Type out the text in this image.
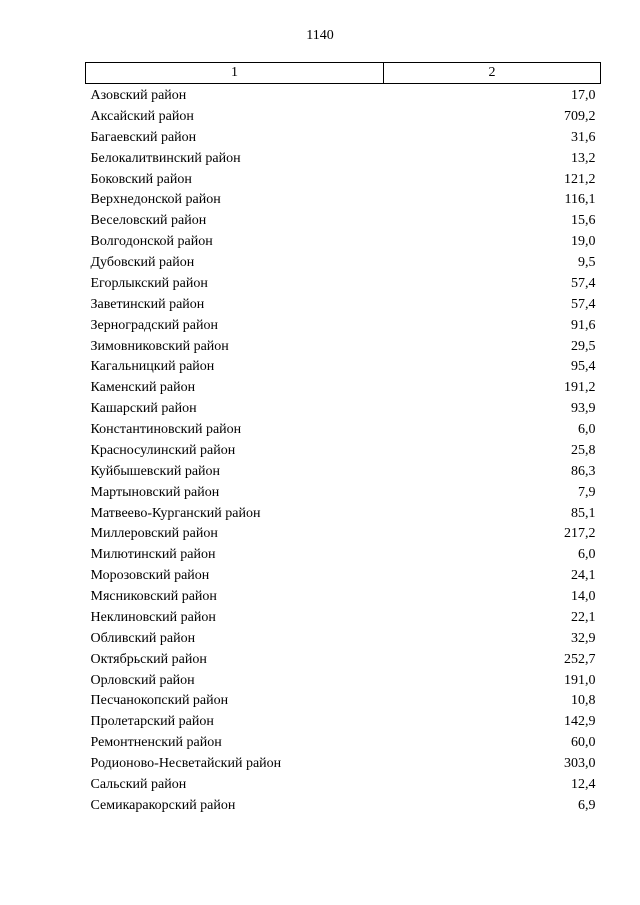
1140
1	2
Азовский район	17,0
Аксайский район	709,2
Багаевский район	31,6
Белокалитвинский район	13,2
Боковский район	121,2
Верхнедонской район	116,1
Веселовский район	15,6
Волгодонской район	19,0
Дубовский район	9,5
Егорлыкский район	57,4
Заветинский район	57,4
Зерноградский район	91,6
Зимовниковский район	29,5
Кагальницкий район	95,4
Каменский район	191,2
Кашарский район	93,9
Константиновский район	6,0
Красносулинский район	25,8
Куйбышевский район	86,3
Мартыновский район	7,9
Матвеево-Курганский район	85,1
Миллеровский район	217,2
Милютинский район	6,0
Морозовский район	24,1
Мясниковский район	14,0
Неклиновский район	22,1
Обливский район	32,9
Октябрьский район	252,7
Орловский район	191,0
Песчанокопский район	10,8
Пролетарский район	142,9
Ремонтненский район	60,0
Родионово-Несветайский район	303,0
Сальский район	12,4
Семикаракорский район	6,9
